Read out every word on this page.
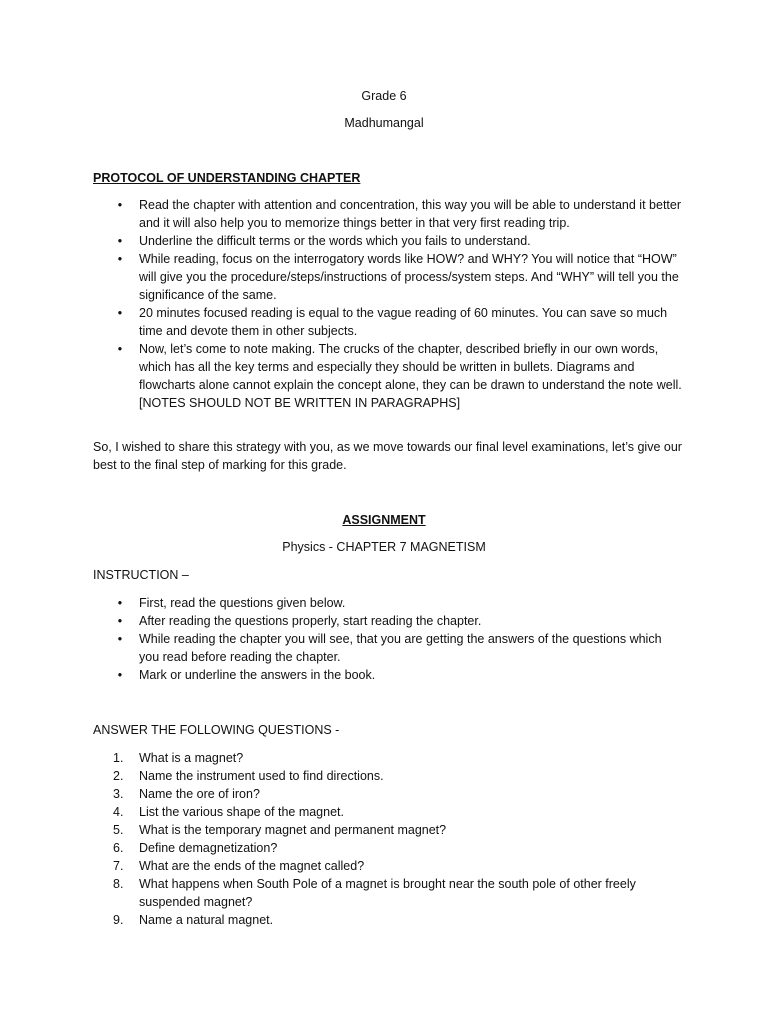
Grade 6
Madhumangal
PROTOCOL OF UNDERSTANDING CHAPTER
•	Read the chapter with attention and concentration, this way you will be able to understand it better and it will also help you to memorize things better in that very first reading trip.
•	Underline the difficult terms or the words which you fails to understand.
•	While reading, focus on the interrogatory words like HOW? and WHY? You will notice that “HOW” will give you the procedure/steps/instructions of process/system steps. And “WHY” will tell you the significance of the same.
•	20 minutes focused reading is equal to the vague reading of 60 minutes. You can save so much time and devote them in other subjects.
•	Now, let’s come to note making. The crucks of the chapter, described briefly in our own words, which has all the key terms and especially they should be written in bullets. Diagrams and flowcharts alone cannot explain the concept alone, they can be drawn to understand the note well.
[NOTES SHOULD NOT BE WRITTEN IN PARAGRAPHS]
So, I wished to share this strategy with you, as we move towards our final level examinations, let’s give our best to the final step of marking for this grade.
ASSIGNMENT
Physics - CHAPTER 7 MAGNETISM
INSTRUCTION –
•	First, read the questions given below.
•	After reading the questions properly, start reading the chapter.
•	While reading the chapter you will see, that you are getting the answers of the questions which you read before reading the chapter.
•	Mark or underline the answers in the book.
ANSWER THE FOLLOWING QUESTIONS -
1.	What is a magnet?
2.	Name the instrument used to find directions.
3.	Name the ore of iron?
4.	List the various shape of the magnet.
5.	What is the temporary magnet and permanent magnet?
6.	Define demagnetization?
7.	What are the ends of the magnet called?
8.	What happens when South Pole of a magnet is brought near the south pole of other freely suspended magnet?
9.	Name a natural magnet.
